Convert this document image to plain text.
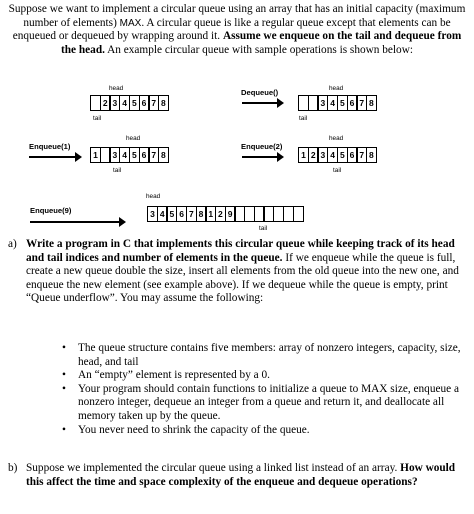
Suppose we want to implement a circular queue using an array that has an initial capacity (maximum number of elements) MAX. A circular queue is like a regular queue except that elements can be enqueued or dequeued by wrapping around it. Assume we enqueue on the tail and dequeue from the head. An example circular queue with sample operations is shown below:

head
2 3 4 5 6 7 8
tail
Dequeue()	head
3 4 5 6 7 8
tail
head
Enqueue(1)
1	3 4 5 6 7 8
tail
head
Enqueue(2)
1 2 3 4 5 6 7 8
tail
head
Enqueue(9)	3 4 5 6 7 8 1 2 9
tail
a) Write a program in C that implements this circular queue while keeping track of its head and tail indices and number of elements in the queue. If we enqueue while the queue is full, create a new queue double the size, insert all elements from the old queue into the new one, and enqueue the new element (see example above). If we dequeue while the queue is empty, print “Queue underflow”. You may assume the following:

• The queue structure contains five members: array of nonzero integers, capacity, size, head, and tail
• An “empty” element is represented by a 0.
• Your program should contain functions to initialize a queue to MAX size, enqueue a nonzero integer, dequeue an integer from a queue and return it, and deallocate all memory taken up by the queue.
• You never need to shrink the capacity of the queue.
b) Suppose we implemented the circular queue using a linked list instead of an array. How would this affect the time and space complexity of the enqueue and dequeue operations?
